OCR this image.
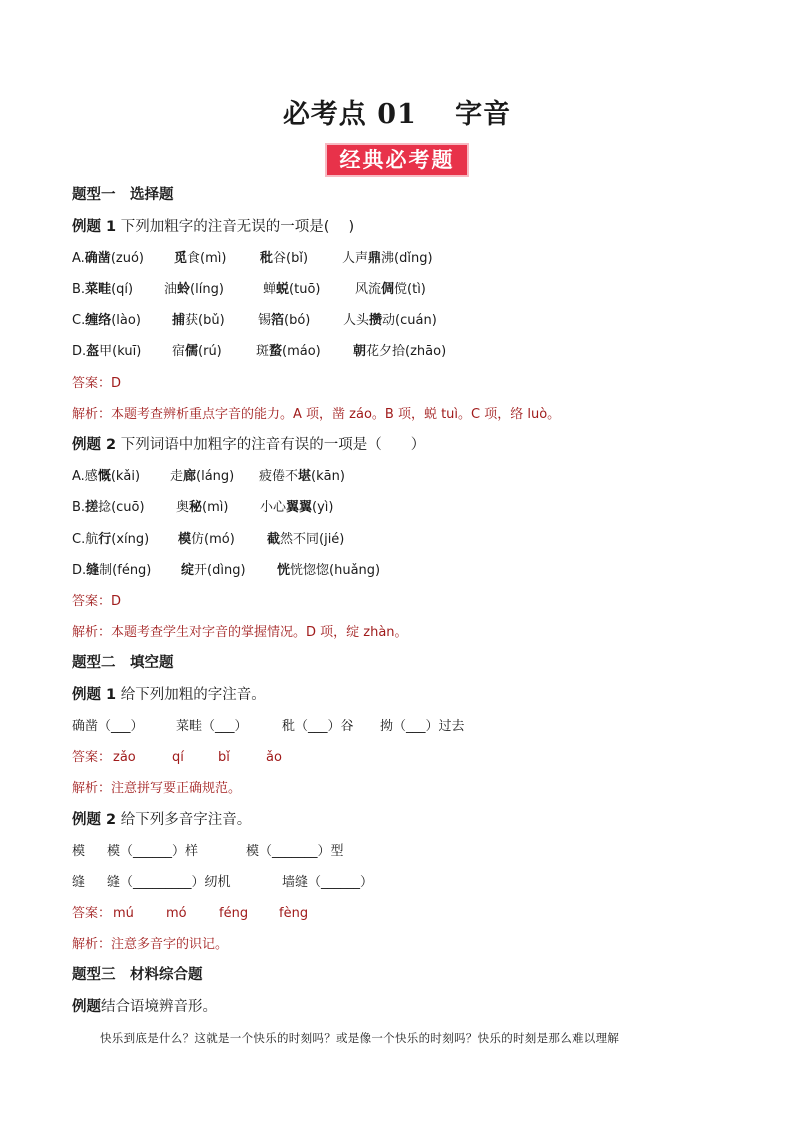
必考点 01　 字音
经典必考题
题型一　选择题
例题 1 下列加粗字的注音无误的一项是(　 )
A.确凿(zuó) 觅食(mì)	秕谷(bǐ)	人声鼎沸(dǐng)
B.菜畦(qí) 油蛉(líng)	蝉蜕(tuō)	风流倜傥(tì)
C.缠络(lào) 捕获(bǔ)	锡箔(bó)	人头攒动(cuán)
D.盔甲(kuī) 宿儒(rú)	斑蝥(máo) 朝花夕拾(zhāo)
答案：D
解析：本题考查辨析重点字音的能力。A 项，凿 záo。B 项，蜕 tuì。C 项，络 luò。
例题 2 下列词语中加粗字的注音有误的一项是（　　）
A.感慨(kǎi) 走廊(láng) 疲倦不堪(kān)
B.搓捻(cuō) 奥秘(mì) 小心翼翼(yì)
C.航行(xíng) 模仿(mó) 截然不同(jié)
D.缝制(féng) 绽开(dìng) 恍恍惚惚(huǎng)
答案：D
解析：本题考查学生对字音的掌握情况。D 项，绽 zhàn。
题型二　填空题
例题 1 给下列加粗的字注音。
确凿（___） 菜畦（___）	秕（___）谷 拗（___）过去
答案： zǎo	qí	bǐ	ǎo
解析：注意拼写要正确规范。
例题 2 给下列多音字注音。
模 模（______）样	模（_______）型
缝 缝（_________）纫机	墙缝（______）
答案： mú mó féng fèng
解析：注意多音字的识记。
题型三　材料综合题
例题结合语境辨音形。
快乐到底是什么？这就是一个快乐的时刻吗？或是像一个快乐的时刻吗？快乐的时刻是那么难以理解
